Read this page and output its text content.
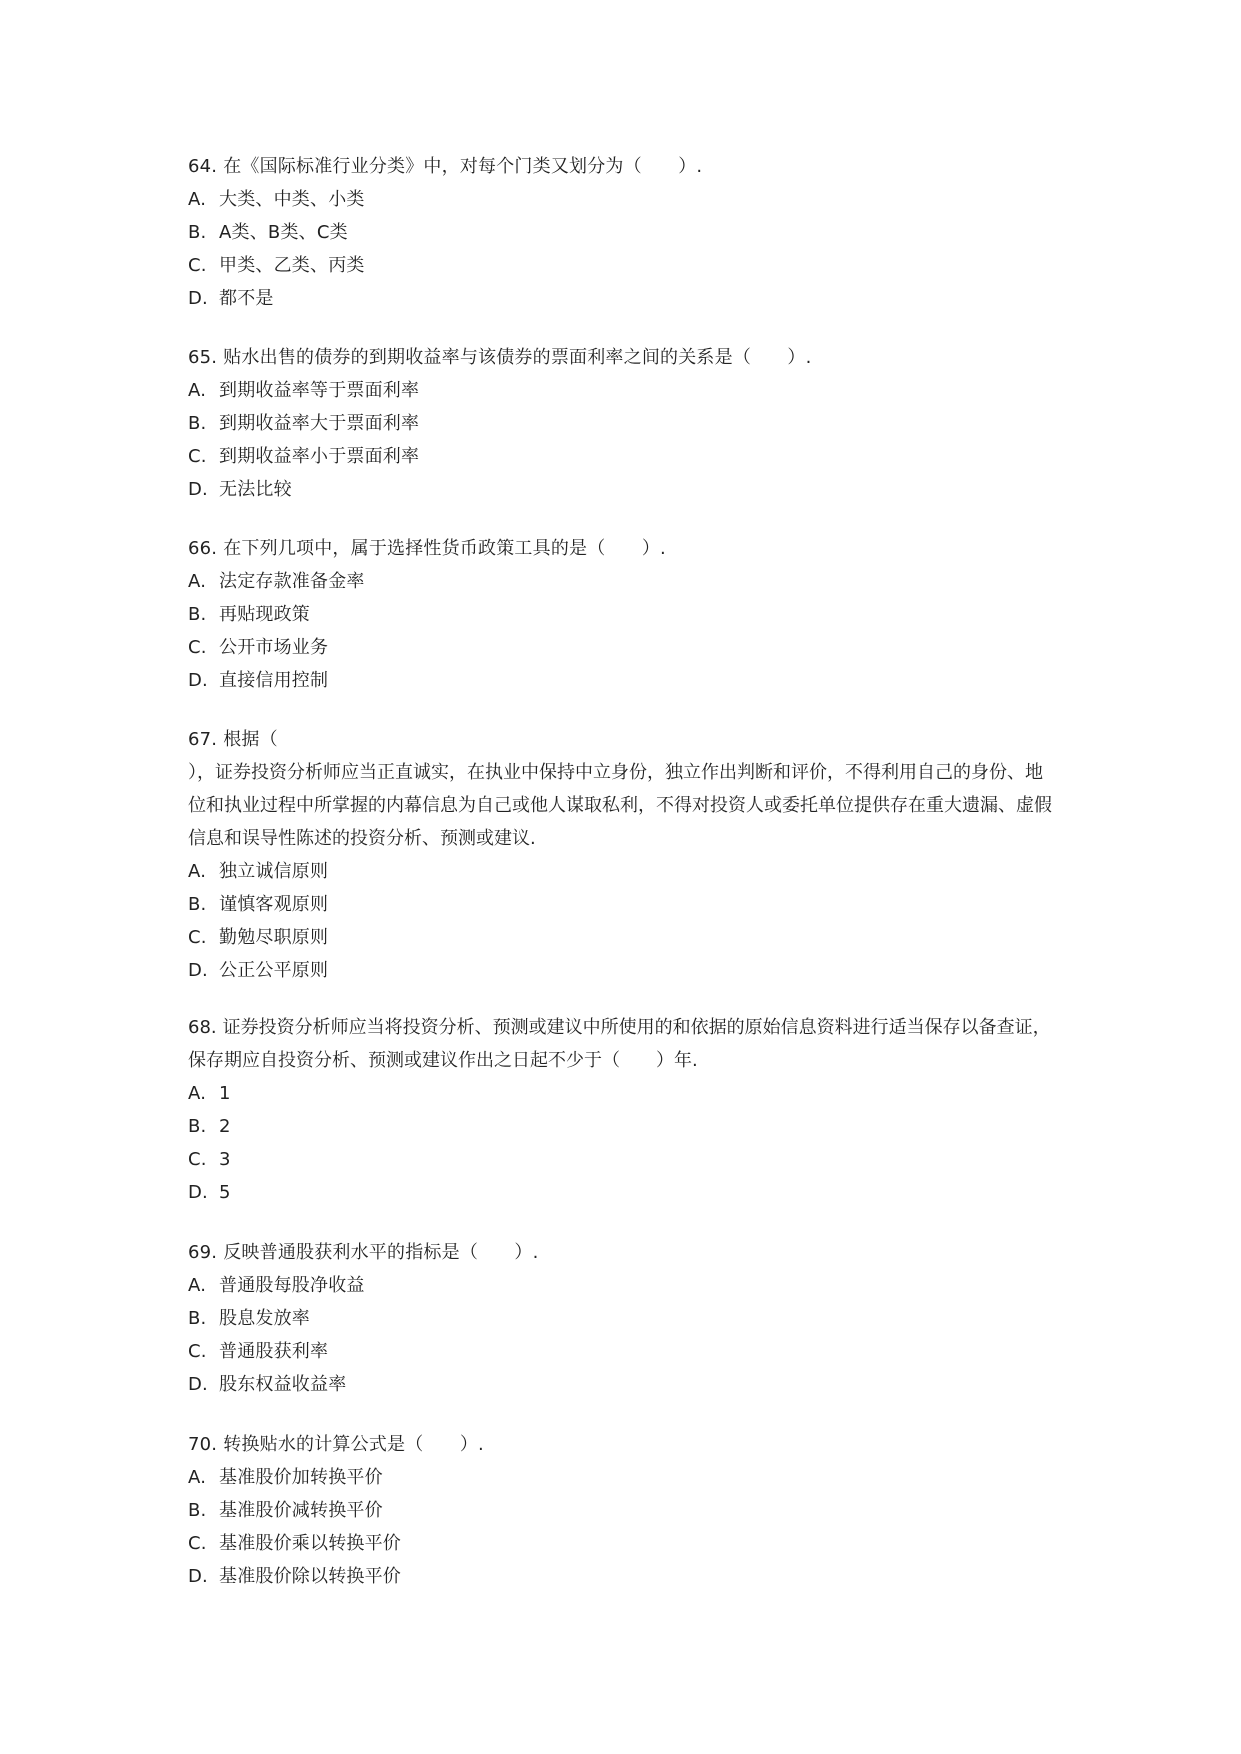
64. 在《国际标准行业分类》中，对每个门类又划分为（　　）.
A. 大类、中类、小类
B. A类、B类、C类
C. 甲类、乙类、丙类
D. 都不是
65. 贴水出售的债券的到期收益率与该债券的票面利率之间的关系是（　　）.
A. 到期收益率等于票面利率
B. 到期收益率大于票面利率
C. 到期收益率小于票面利率
D. 无法比较
66. 在下列几项中，属于选择性货币政策工具的是（　　）.
A. 法定存款准备金率
B. 再贴现政策
C. 公开市场业务
D. 直接信用控制
67. 根据（
），证券投资分析师应当正直诚实，在执业中保持中立身份，独立作出判断和评价，不得利用自己的身份、地位和执业过程中所掌握的内幕信息为自己或他人谋取私利，不得对投资人或委托单位提供存在重大遗漏、虚假信息和误导性陈述的投资分析、预测或建议.
A. 独立诚信原则
B. 谨慎客观原则
C. 勤勉尽职原则
D. 公正公平原则
68. 证券投资分析师应当将投资分析、预测或建议中所使用的和依据的原始信息资料进行适当保存以备查证，保存期应自投资分析、预测或建议作出之日起不少于（　　）年.
A. 1
B. 2
C. 3
D. 5
69. 反映普通股获利水平的指标是（　　）.
A. 普通股每股净收益
B. 股息发放率
C. 普通股获利率
D. 股东权益收益率
70. 转换贴水的计算公式是（　　）.
A. 基准股价加转换平价
B. 基准股价减转换平价
C. 基准股价乘以转换平价
D. 基准股价除以转换平价
